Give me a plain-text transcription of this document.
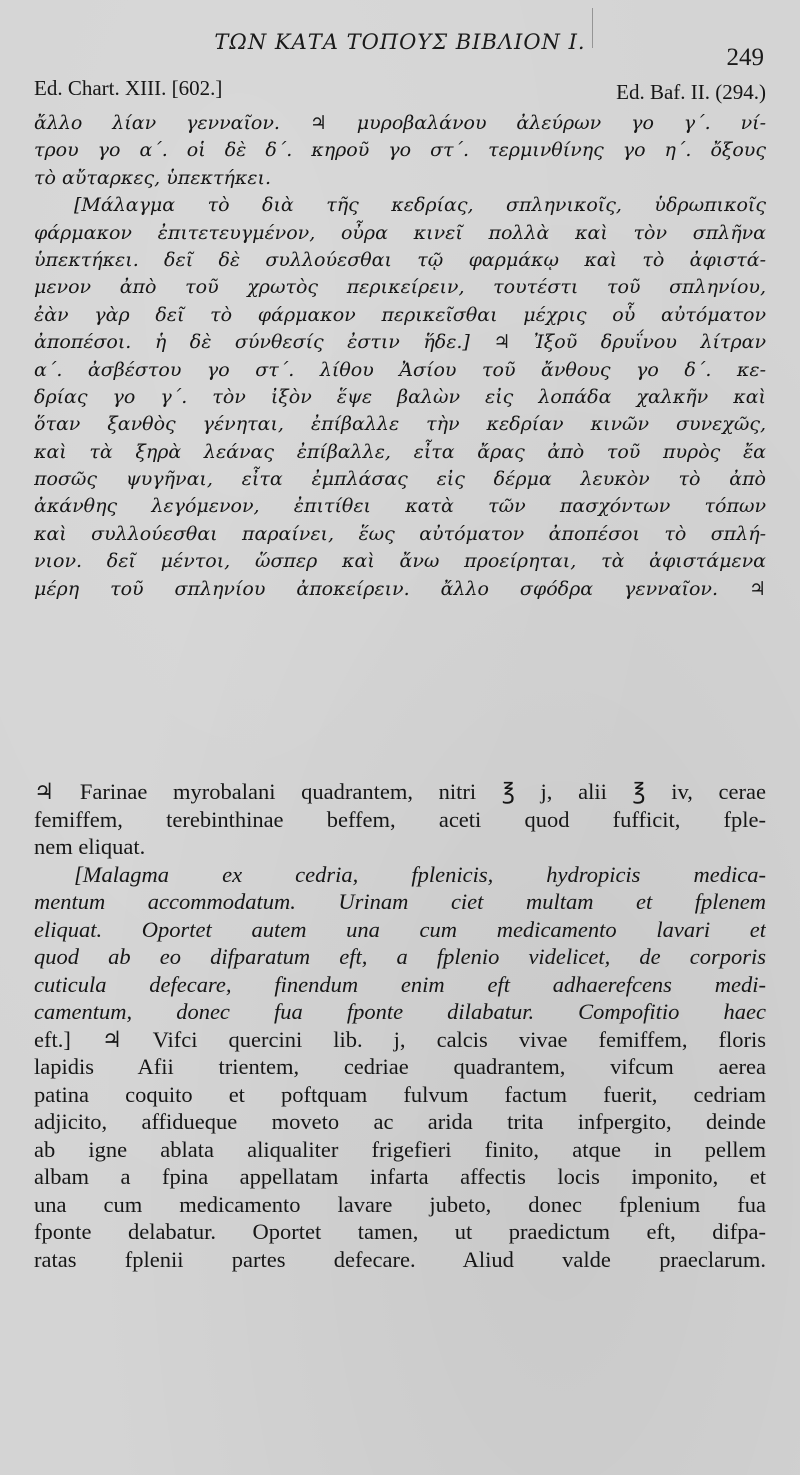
ΤΩΝ ΚΑΤΑ ΤΟΠΟΥΣ ΒΙΒΛΙΟΝ Ι.
249
Ed. Chart. XIII. [602.]	Ed. Baf. II. (294.)
ἄλλο λίαν γενναῖον. ♃ μυροβαλάνου ἀλεύρων γο γ΄. νί-
τρου γο α΄. οἱ δὲ δ΄. κηροῦ γο στ΄. τερμινθίνης γο η΄. ὄξους
τὸ αὔταρκες, ὑπεκτήκει.
[Μάλαγμα τὸ διὰ τῆς κεδρίας, σπληνικοῖς, ὑδρωπικοῖς
φάρμακον ἐπιτετευγμένον, οὖρα κινεῖ πολλὰ καὶ τὸν σπλῆνα
ὑπεκτήκει. δεῖ δὲ συλλούεσθαι τῷ φαρμάκῳ καὶ τὸ ἀφιστά-
μενον ἀπὸ τοῦ χρωτὸς περικείρειν, τουτέστι τοῦ σπληνίου,
ἐὰν γὰρ δεῖ τὸ φάρμακον περικεῖσθαι μέχρις οὗ αὐτόματον
ἀποπέσοι. ἡ δὲ σύνθεσίς ἐστιν ἥδε.] ♃ Ἰξοῦ δρυΐνου λίτραν
α΄. ἀσβέστου γο στ΄. λίθου Ἀσίου τοῦ ἄνθους γο δ΄. κε-
δρίας γο γ΄. τὸν ἰξὸν ἕψε βαλὼν εἰς λοπάδα χαλκῆν καὶ
ὅταν ξανθὸς γένηται, ἐπίβαλλε τὴν κεδρίαν κινῶν συνεχῶς,
καὶ τὰ ξηρὰ λεάνας ἐπίβαλλε, εἶτα ἄρας ἀπὸ τοῦ πυρὸς ἔα
ποσῶς ψυγῆναι, εἶτα ἐμπλάσας εἰς δέρμα λευκὸν τὸ ἀπὸ
ἀκάνθης λεγόμενον, ἐπιτίθει κατὰ τῶν πασχόντων τόπων
καὶ συλλούεσθαι παραίνει, ἕως αὐτόματον ἀποπέσοι τὸ σπλή-
νιον. δεῖ μέντοι, ὥσπερ καὶ ἄνω προείρηται, τὰ ἀφιστάμενα
μέρη τοῦ σπληνίου ἀποκείρειν. ἄλλο σφόδρα γενναῖον. ♃
♃ Farinae myrobalani quadrantem, nitri ℥ j, alii ℥ iv, cerae
femiffem, terebinthinae beffem, aceti quod fufficit, fple-
nem eliquat.
[Malagma ex cedria, fplenicis, hydropicis medica-
mentum accommodatum. Urinam ciet multam et fplenem
eliquat. Oportet autem una cum medicamento lavari et
quod ab eo difparatum eft, a fplenio videlicet, de corporis
cuticula defecare, finendum enim eft adhaerefcens medi-
camentum, donec fua fponte dilabatur. Compofitio haec
eft.] ♃ Vifci quercini lib. j, calcis vivae femiffem, floris
lapidis Afii trientem, cedriae quadrantem, vifcum aerea
patina coquito et poftquam fulvum factum fuerit, cedriam
adjicito, affidueque moveto ac arida trita infpergito, deinde
ab igne ablata aliqualiter frigefieri finito, atque in pellem
albam a fpina appellatam infarta affectis locis imponito, et
una cum medicamento lavare jubeto, donec fplenium fua
fponte delabatur. Oportet tamen, ut praedictum eft, difpa-
ratas fplenii partes defecare. Aliud valde praeclarum.
